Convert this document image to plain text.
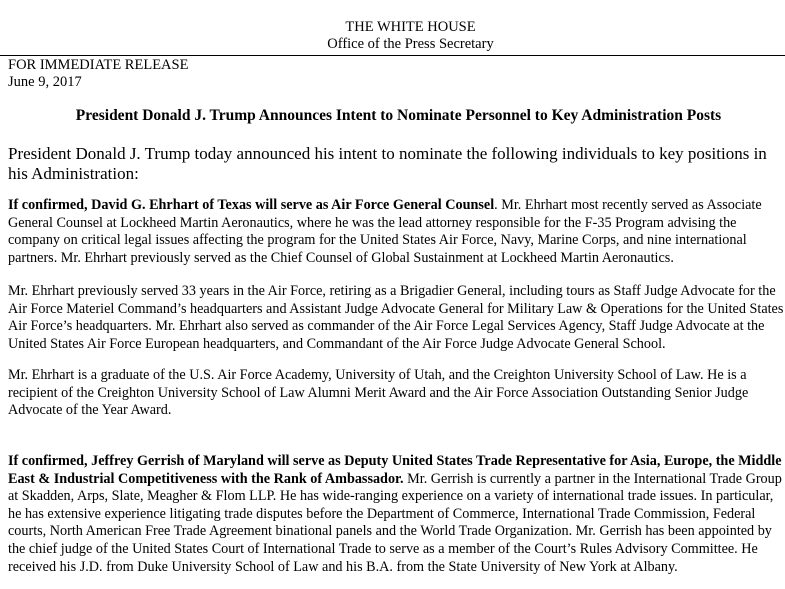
THE WHITE HOUSE
Office of the Press Secretary
FOR IMMEDIATE RELEASE
June 9, 2017
President Donald J. Trump Announces Intent to Nominate Personnel to Key Administration Posts
President Donald J. Trump today announced his intent to nominate the following individuals to key positions in his Administration:
If confirmed, David G. Ehrhart of Texas will serve as Air Force General Counsel. Mr. Ehrhart most recently served as Associate General Counsel at Lockheed Martin Aeronautics, where he was the lead attorney responsible for the F-35 Program advising the company on critical legal issues affecting the program for the United States Air Force, Navy, Marine Corps, and nine international partners. Mr. Ehrhart previously served as the Chief Counsel of Global Sustainment at Lockheed Martin Aeronautics.
Mr. Ehrhart previously served 33 years in the Air Force, retiring as a Brigadier General, including tours as Staff Judge Advocate for the Air Force Materiel Command’s headquarters and Assistant Judge Advocate General for Military Law & Operations for the United States Air Force’s headquarters. Mr. Ehrhart also served as commander of the Air Force Legal Services Agency, Staff Judge Advocate at the United States Air Force European headquarters, and Commandant of the Air Force Judge Advocate General School.
Mr. Ehrhart is a graduate of the U.S. Air Force Academy, University of Utah, and the Creighton University School of Law. He is a recipient of the Creighton University School of Law Alumni Merit Award and the Air Force Association Outstanding Senior Judge Advocate of the Year Award.
If confirmed, Jeffrey Gerrish of Maryland will serve as Deputy United States Trade Representative for Asia, Europe, the Middle East & Industrial Competitiveness with the Rank of Ambassador. Mr. Gerrish is currently a partner in the International Trade Group at Skadden, Arps, Slate, Meagher & Flom LLP. He has wide-ranging experience on a variety of international trade issues. In particular, he has extensive experience litigating trade disputes before the Department of Commerce, International Trade Commission, Federal courts, North American Free Trade Agreement binational panels and the World Trade Organization. Mr. Gerrish has been appointed by the chief judge of the United States Court of International Trade to serve as a member of the Court’s Rules Advisory Committee. He received his J.D. from Duke University School of Law and his B.A. from the State University of New York at Albany.
